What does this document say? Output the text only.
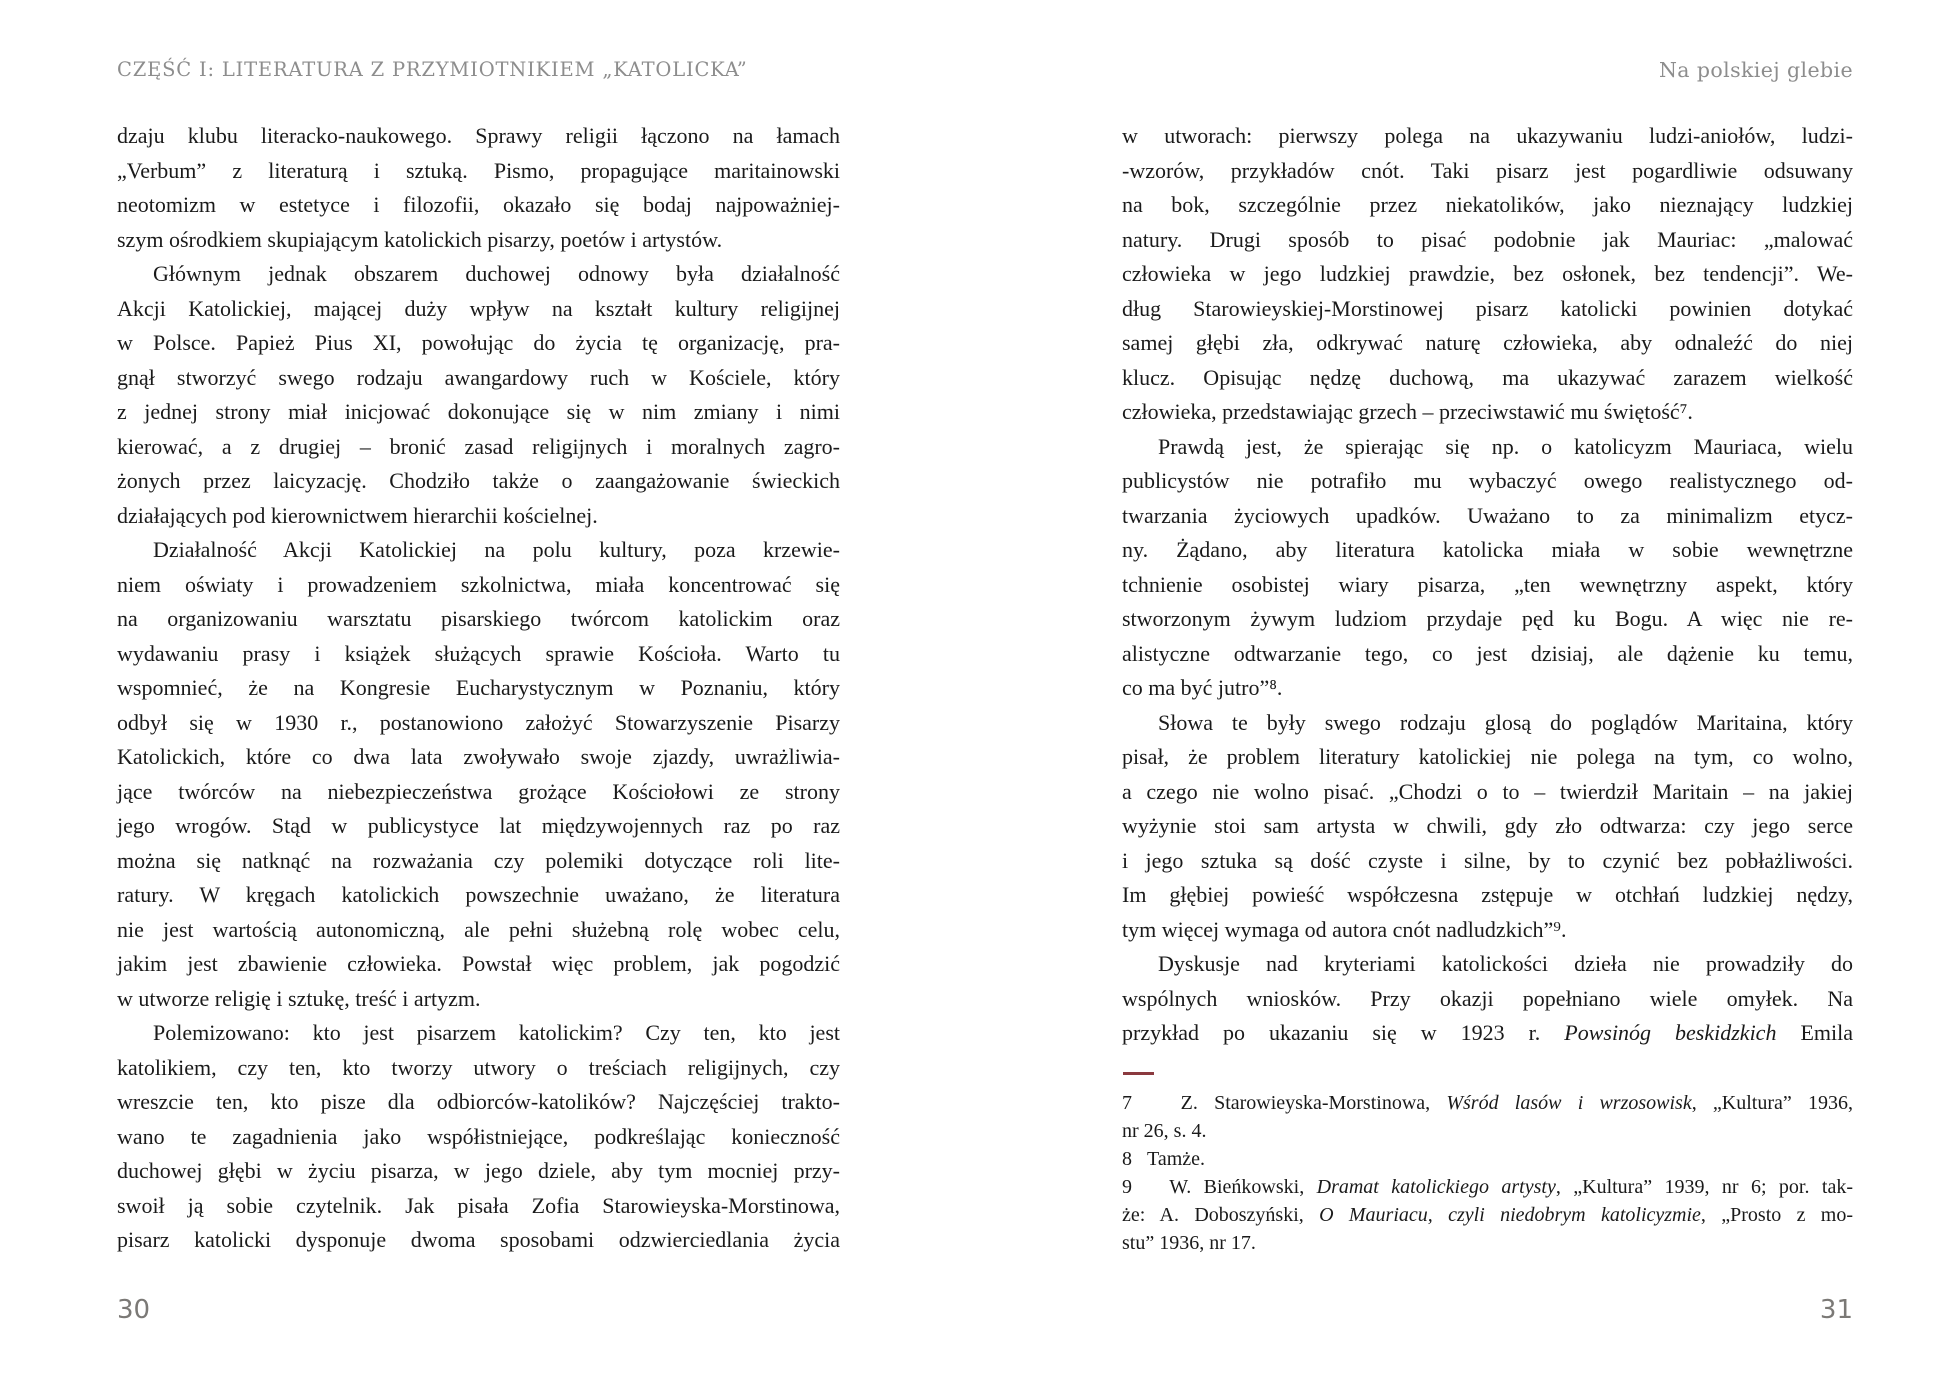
CZĘŚĆ I: LITERATURA Z PRZYMIOTNIKIEM „KATOLICKA”
dzaju klubu literacko-naukowego. Sprawy religii łączono na łamach
„Verbum” z literaturą i sztuką. Pismo, propagujące maritainowski
neotomizm w estetyce i filozofii, okazało się bodaj najpoważniej-
szym ośrodkiem skupiającym katolickich pisarzy, poetów i artystów.
Głównym jednak obszarem duchowej odnowy była działalność
Akcji Katolickiej, mającej duży wpływ na kształt kultury religijnej
w Polsce. Papież Pius XI, powołując do życia tę organizację, pra-
gnął stworzyć swego rodzaju awangardowy ruch w Kościele, który
z jednej strony miał inicjować dokonujące się w nim zmiany i nimi
kierować, a z drugiej – bronić zasad religijnych i moralnych zagro-
żonych przez laicyzację. Chodziło także o zaangażowanie świeckich
działających pod kierownictwem hierarchii kościelnej.
Działalność Akcji Katolickiej na polu kultury, poza krzewie-
niem oświaty i prowadzeniem szkolnictwa, miała koncentrować się
na organizowaniu warsztatu pisarskiego twórcom katolickim oraz
wydawaniu prasy i książek służących sprawie Kościoła. Warto tu
wspomnieć, że na Kongresie Eucharystycznym w Poznaniu, który
odbył się w 1930 r., postanowiono założyć Stowarzyszenie Pisarzy
Katolickich, które co dwa lata zwoływało swoje zjazdy, uwrażliwia-
jące twórców na niebezpieczeństwa grożące Kościołowi ze strony
jego wrogów. Stąd w publicystyce lat międzywojennych raz po raz
można się natknąć na rozważania czy polemiki dotyczące roli lite-
ratury. W kręgach katolickich powszechnie uważano, że literatura
nie jest wartością autonomiczną, ale pełni służebną rolę wobec celu,
jakim jest zbawienie człowieka. Powstał więc problem, jak pogodzić
w utworze religię i sztukę, treść i artyzm.
Polemizowano: kto jest pisarzem katolickim? Czy ten, kto jest
katolikiem, czy ten, kto tworzy utwory o treściach religijnych, czy
wreszcie ten, kto pisze dla odbiorców-katolików? Najczęściej trakto-
wano te zagadnienia jako współistniejące, podkreślając konieczność
duchowej głębi w życiu pisarza, w jego dziele, aby tym mocniej przy-
swoił ją sobie czytelnik. Jak pisała Zofia Starowieyska-Morstinowa,
pisarz katolicki dysponuje dwoma sposobami odzwierciedlania życia
30
Na polskiej glebie
w utworach: pierwszy polega na ukazywaniu ludzi-aniołów, ludzi-
-wzorów, przykładów cnót. Taki pisarz jest pogardliwie odsuwany
na bok, szczególnie przez niekatolików, jako nieznający ludzkiej
natury. Drugi sposób to pisać podobnie jak Mauriac: „malować
człowieka w jego ludzkiej prawdzie, bez osłonek, bez tendencji”. We-
dług Starowieyskiej-Morstinowej pisarz katolicki powinien dotykać
samej głębi zła, odkrywać naturę człowieka, aby odnaleźć do niej
klucz. Opisując nędzę duchową, ma ukazywać zarazem wielkość
człowieka, przedstawiając grzech – przeciwstawić mu świętość⁷.
Prawdą jest, że spierając się np. o katolicyzm Mauriaca, wielu
publicystów nie potrafiło mu wybaczyć owego realistycznego od-
twarzania życiowych upadków. Uważano to za minimalizm etycz-
ny. Żądano, aby literatura katolicka miała w sobie wewnętrzne
tchnienie osobistej wiary pisarza, „ten wewnętrzny aspekt, który
stworzonym żywym ludziom przydaje pęd ku Bogu. A więc nie re-
alistyczne odtwarzanie tego, co jest dzisiaj, ale dążenie ku temu,
co ma być jutro”⁸.
Słowa te były swego rodzaju glosą do poglądów Maritaina, który
pisał, że problem literatury katolickiej nie polega na tym, co wolno,
a czego nie wolno pisać. „Chodzi o to – twierdził Maritain – na jakiej
wyżynie stoi sam artysta w chwili, gdy zło odtwarza: czy jego serce
i jego sztuka są dość czyste i silne, by to czynić bez pobłażliwości.
Im głębiej powieść współczesna zstępuje w otchłań ludzkiej nędzy,
tym więcej wymaga od autora cnót nadludzkich”⁹.
Dyskusje nad kryteriami katolickości dzieła nie prowadziły do
wspólnych wniosków. Przy okazji popełniano wiele omyłek. Na
przykład po ukazaniu się w 1923 r. Powsinóg beskidzkich Emila
7   Z. Starowieyska-Morstinowa, Wśród lasów i wrzosowisk, „Kultura” 1936,
nr 26, s. 4.
8   Tamże.
9   W. Bieńkowski, Dramat katolickiego artysty, „Kultura” 1939, nr 6; por. tak-
że: A. Doboszyński, O Mauriacu, czyli niedobrym katolicyzmie, „Prosto z mo-
stu” 1936, nr 17.
31
